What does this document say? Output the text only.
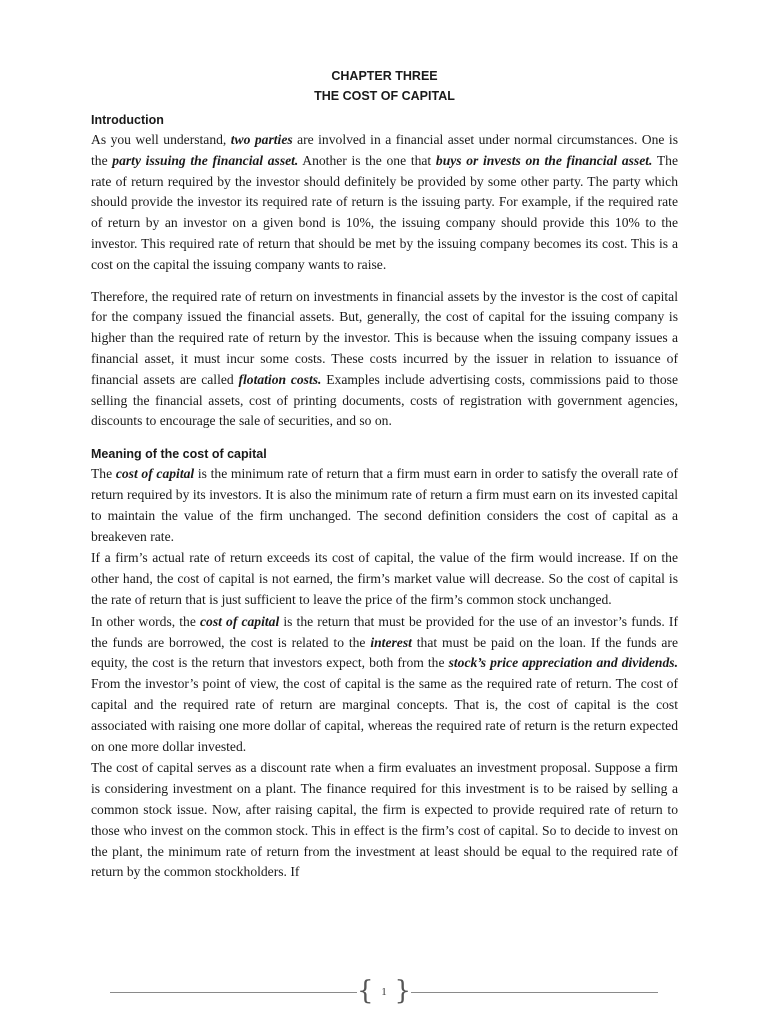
CHAPTER THREE
THE COST OF CAPITAL
Introduction

As you well understand, two parties are involved in a financial asset under normal circumstances. One is the party issuing the financial asset. Another is the one that buys or invests on the financial asset. The rate of return required by the investor should definitely be provided by some other party. The party which should provide the investor its required rate of return is the issuing party. For example, if the required rate of return by an investor on a given bond is 10%, the issuing company should provide this 10% to the investor. This required rate of return that should be met by the issuing company becomes its cost. This is a cost on the capital the issuing company wants to raise.

Therefore, the required rate of return on investments in financial assets by the investor is the cost of capital for the company issued the financial assets. But, generally, the cost of capital for the issuing company is higher than the required rate of return by the investor. This is because when the issuing company issues a financial asset, it must incur some costs. These costs incurred by the issuer in relation to issuance of financial assets are called flotation costs. Examples include advertising costs, commissions paid to those selling the financial assets, cost of printing documents, costs of registration with government agencies, discounts to encourage the sale of securities, and so on.

Meaning of the cost of capital

The cost of capital is the minimum rate of return that a firm must earn in order to satisfy the overall rate of return required by its investors. It is also the minimum rate of return a firm must earn on its invested capital to maintain the value of the firm unchanged. The second definition considers the cost of capital as a breakeven rate.

If a firm’s actual rate of return exceeds its cost of capital, the value of the firm would increase. If on the other hand, the cost of capital is not earned, the firm’s market value will decrease. So the cost of capital is the rate of return that is just sufficient to leave the price of the firm’s common stock unchanged.

In other words, the cost of capital is the return that must be provided for the use of an investor’s funds. If the funds are borrowed, the cost is related to the interest that must be paid on the loan. If the funds are equity, the cost is the return that investors expect, both from the stock’s price appreciation and dividends. From the investor’s point of view, the cost of capital is the same as the required rate of return. The cost of capital and the required rate of return are marginal concepts. That is, the cost of capital is the cost associated with raising one more dollar of capital, whereas the required rate of return is the return expected on one more dollar invested.

The cost of capital serves as a discount rate when a firm evaluates an investment proposal. Suppose a firm is considering investment on a plant. The finance required for this investment is to be raised by selling a common stock issue. Now, after raising capital, the firm is expected to provide required rate of return to those who invest on the common stock. This in effect is the firm’s cost of capital. So to decide to invest on the plant, the minimum rate of return from the investment at least should be equal to the required rate of return by the common stockholders. If

{ 1 }
